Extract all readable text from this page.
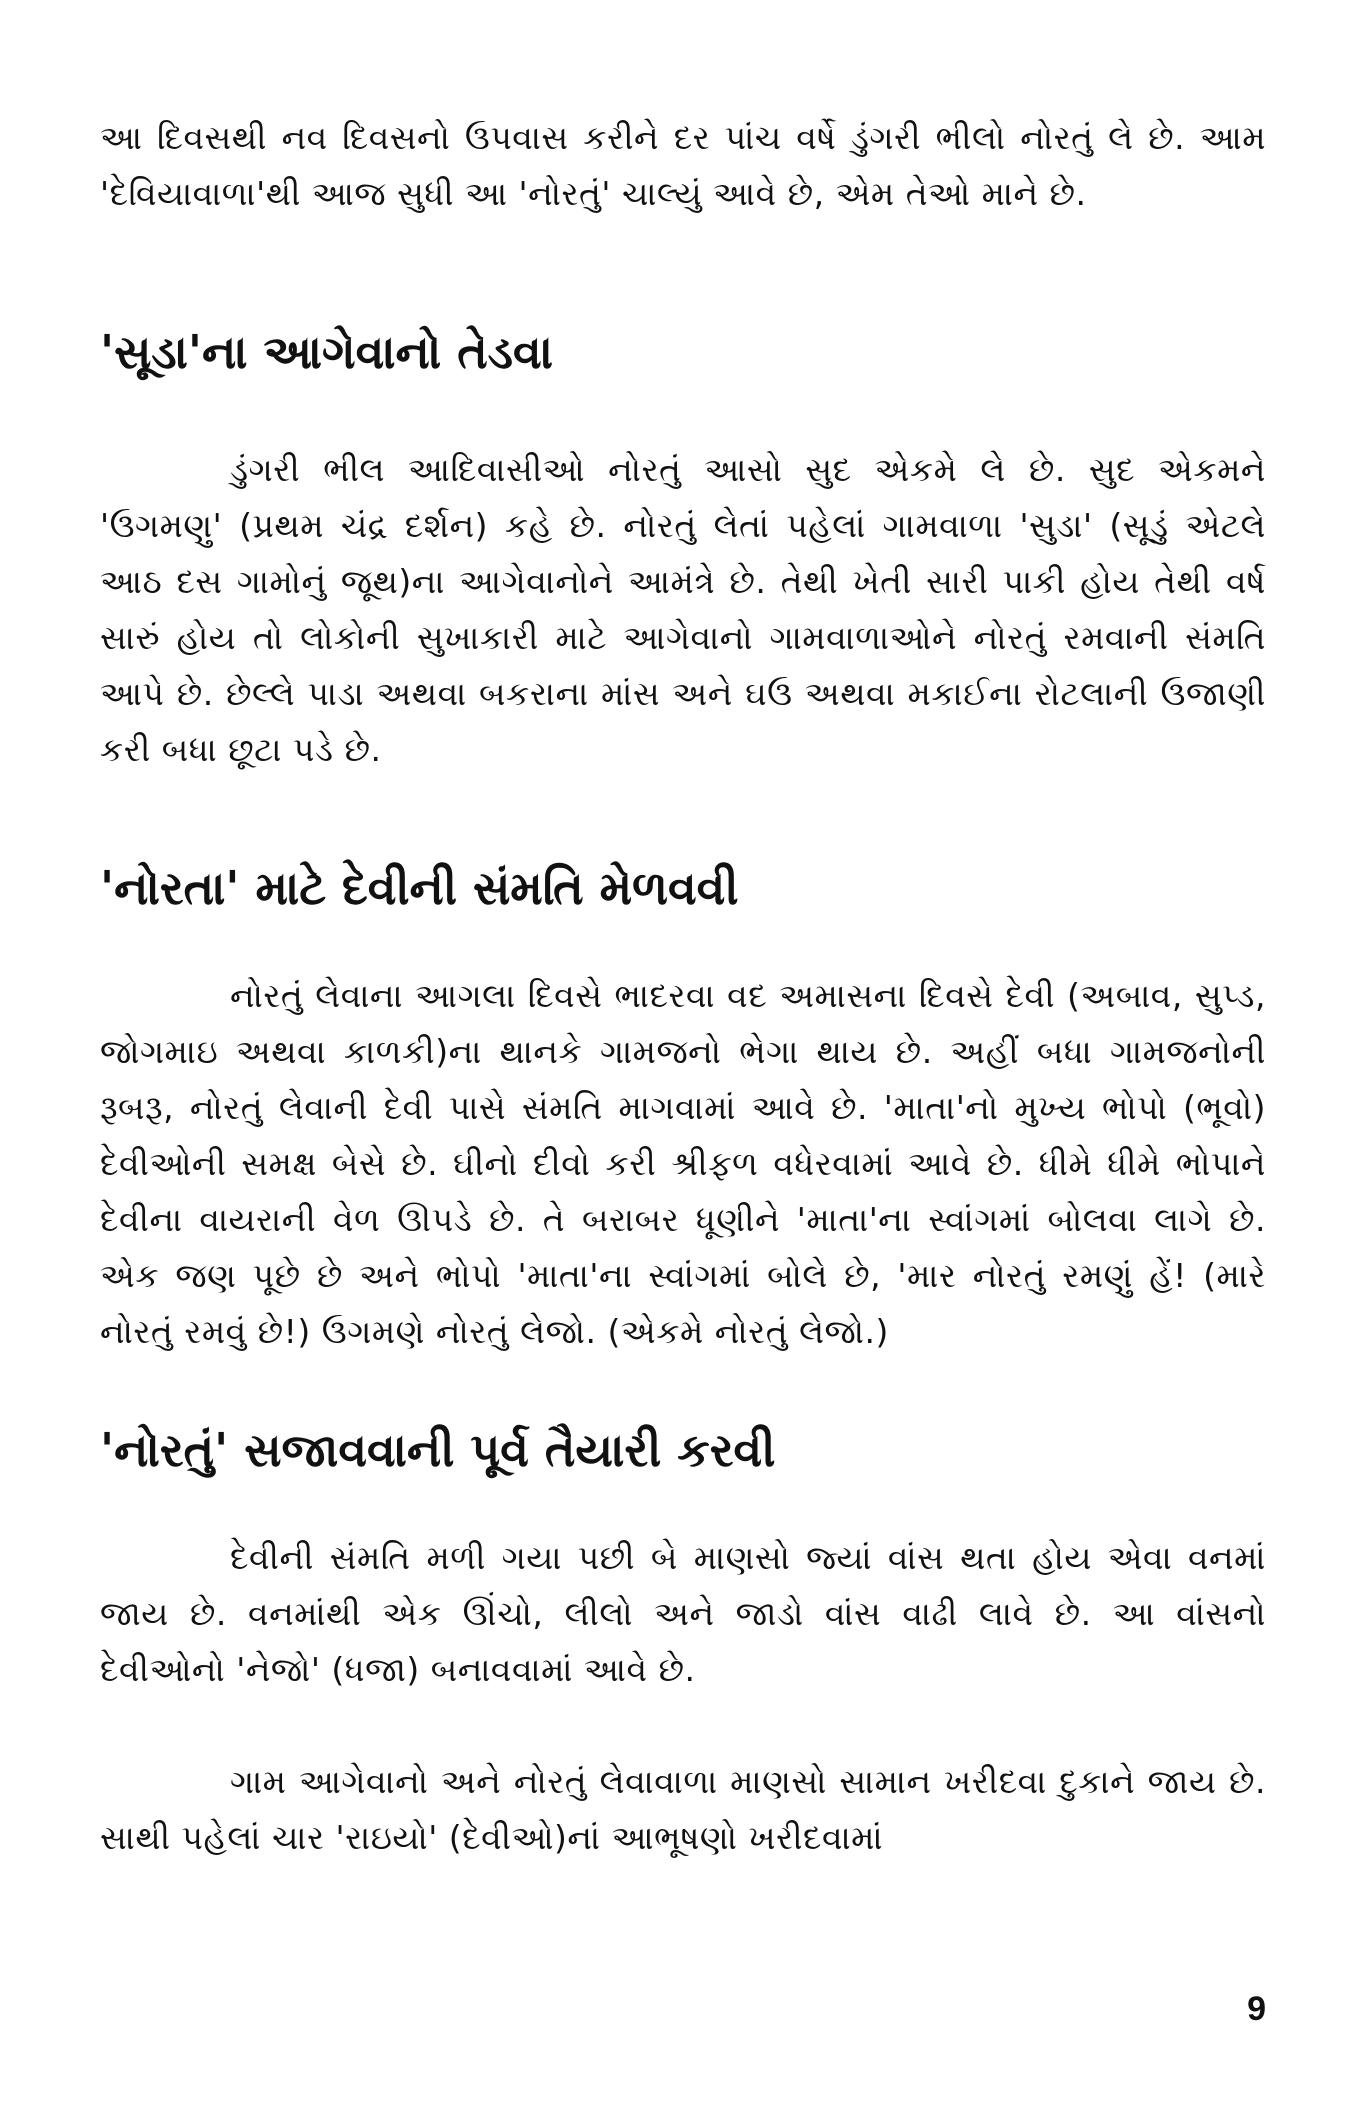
આ દિવસથી નવ દિવસનો ઉપવાસ કરીને દર પાંચ વર્ષે ડુંગરી ભીલો નોરતું લે છે. આમ 'દેવિયાવાળા'થી આજ સુધી આ 'નોરતું' ચાલ્યું આવે છે, એમ તેઓ માને છે.

'સૂડા'ના આગેવાનો તેડવા

ડુંગરી ભીલ આદિવાસીઓ નોરતું આસો સુદ એકમે લે છે. સુદ એકમને 'ઉગમણુ' (પ્રથમ ચંદ્ર દર્શન) કહે છે. નોરતું લેતાં પહેલાં ગામવાળા 'સુડા' (સૂડું એટલે આઠ દસ ગામોનું જૂથ)ના આગેવાનોને આમંત્રે છે. તેથી ખેતી સારી પાકી હોય તેથી વર્ષ સારું હોય તો લોકોની સુખાકારી માટે આગેવાનો ગામવાળાઓને નોરતું રમવાની સંમતિ આપે છે. છેલ્લે પાડા અથવા બકરાના માંસ અને ઘઉ અથવા મકાઈના રોટલાની ઉજાણી કરી બધા છૂટા પડે છે.

'નોરતા' માટે દેવીની સંમતિ મેળવવી

નોરતું લેવાના આગલા દિવસે ભાદરવા વદ અમાસના દિવસે દેવી (અબાવ, સુપ્ડ, જોગમાઇ અથવા કાળકી)ના થાનકે ગામજનો ભેગા થાય છે. અહીં બધા ગામજનોની રૂબરૂ, નોરતું લેવાની દેવી પાસે સંમતિ માગવામાં આવે છે. 'માતા'નો મુખ્ય ભોપો (ભૂવો) દેવીઓની સમક્ષ બેસે છે. ઘીનો દીવો કરી શ્રીફળ વધેરવામાં આવે છે. ધીમે ધીમે ભોપાને દેવીના વાયરાની વેળ ઊપડે છે. તે બરાબર ધૂણીને 'માતા'ના સ્વાંગમાં બોલવા લાગે છે. એક જણ પૂછે છે અને ભોપો 'માતા'ના સ્વાંગમાં બોલે છે, 'માર નોરતું રમણું હેં! (મારે નોરતું રમવું છે!) ઉગમણે નોરતું લેજો. (એકમે નોરતું લેજો.)

'નોરતું' સજાવવાની પૂર્વ તૈયારી કરવી

દેવીની સંમતિ મળી ગયા પછી બે માણસો જ્યાં વાંસ થતા હોય એવા વનમાં જાય છે. વનમાંથી એક ઊંચો, લીલો અને જાડો વાંસ વાઢી લાવે છે. આ વાંસનો દેવીઓનો 'નેજો' (ધજા) બનાવવામાં આવે છે.

ગામ આગેવાનો અને નોરતું લેવાવાળા માણસો સામાન ખરીદવા દુકાને જાય છે. સાથી પહેલાં ચાર 'રાઇયો' (દેવીઓ)નાં આભૂષણો ખરીદવામાં

9
